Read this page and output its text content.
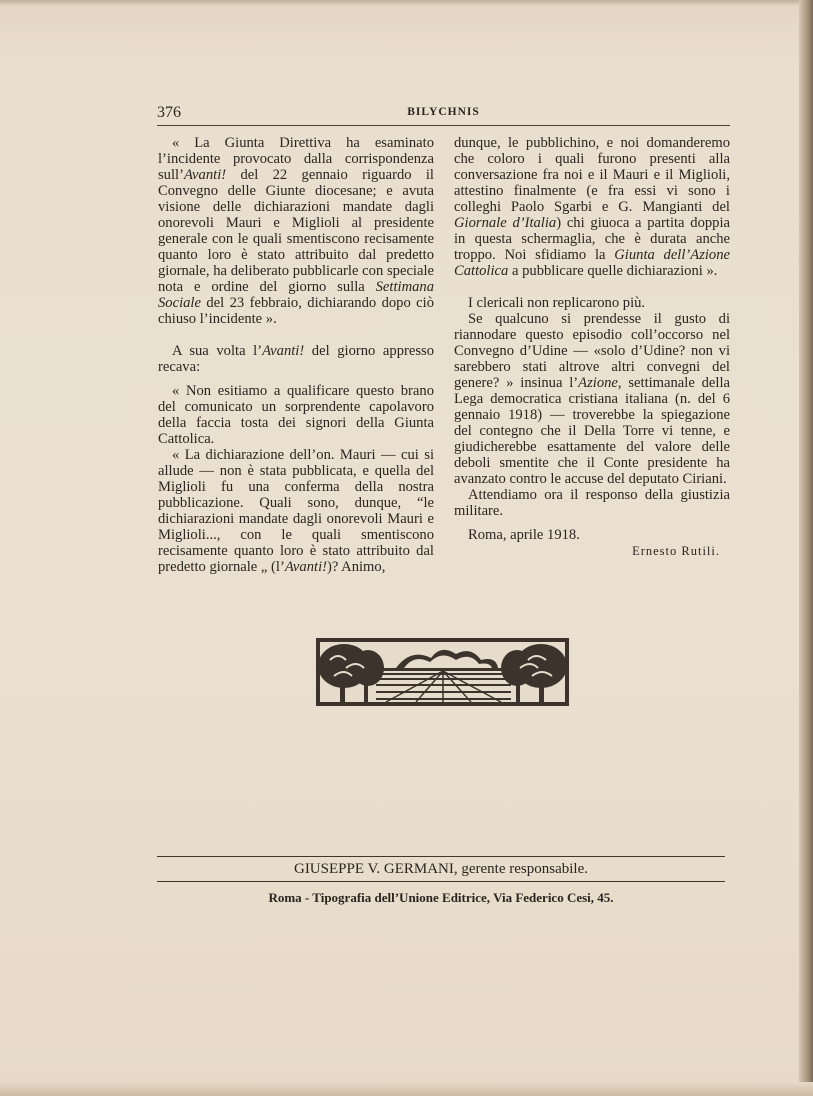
376	BILYCHNIS

« La Giunta Direttiva ha esaminato l’incidente provocato dalla corrispondenza sull’Avanti! del 22 gennaio riguardo il Convegno delle Giunte diocesane; e avuta visione delle dichiarazioni mandate dagli onorevoli Mauri e Miglioli al presidente generale con le quali smentiscono recisamente quanto loro è stato attribuito dal predetto giornale, ha deliberato pubblicarle con speciale nota e ordine del giorno sulla Settimana Sociale del 23 febbraio, dichiarando dopo ciò chiuso l’incidente ».

A sua volta l’Avanti! del giorno appresso recava:

« Non esitiamo a qualificare questo brano del comunicato un sorprendente capolavoro della faccia tosta dei signori della Giunta Cattolica.

« La dichiarazione dell’on. Mauri — cui si allude — non è stata pubblicata, e quella del Miglioli fu una conferma della nostra pubblicazione. Quali sono, dunque, “le dichiarazioni mandate dagli onorevoli Mauri e Miglioli..., con le quali smentiscono recisamente quanto loro è stato attribuito dal predetto giornale „ (l’Avanti!)? Animo,

dunque, le pubblichino, e noi domanderemo che coloro i quali furono presenti alla conversazione fra noi e il Mauri e il Miglioli, attestino finalmente (e fra essi vi sono i colleghi Paolo Sgarbi e G. Mangianti del Giornale d’Italia) chi giuoca a partita doppia in questa schermaglia, che è durata anche troppo. Noi sfidiamo la Giunta dell’Azione Cattolica a pubblicare quelle dichiarazioni ».

I clericali non replicarono più.

Se qualcuno si prendesse il gusto di riannodare questo episodio coll’occorso nel Convegno d’Udine — «solo d’Udine? non vi sarebbero stati altrove altri convegni del genere? » insinua l’Azione, settimanale della Lega democratica cristiana italiana (n. del 6 gennaio 1918) — troverebbe la spiegazione del contegno che il Della Torre vi tenne, e giudicherebbe esattamente del valore delle deboli smentite che il Conte presidente ha avanzato contro le accuse del deputato Ciriani.

Attendiamo ora il responso della giustizia militare.

Roma, aprile 1918.
Ernesto Rutili.
GIUSEPPE V. GERMANI, gerente responsabile.
Roma - Tipografia dell’Unione Editrice, Via Federico Cesi, 45.
